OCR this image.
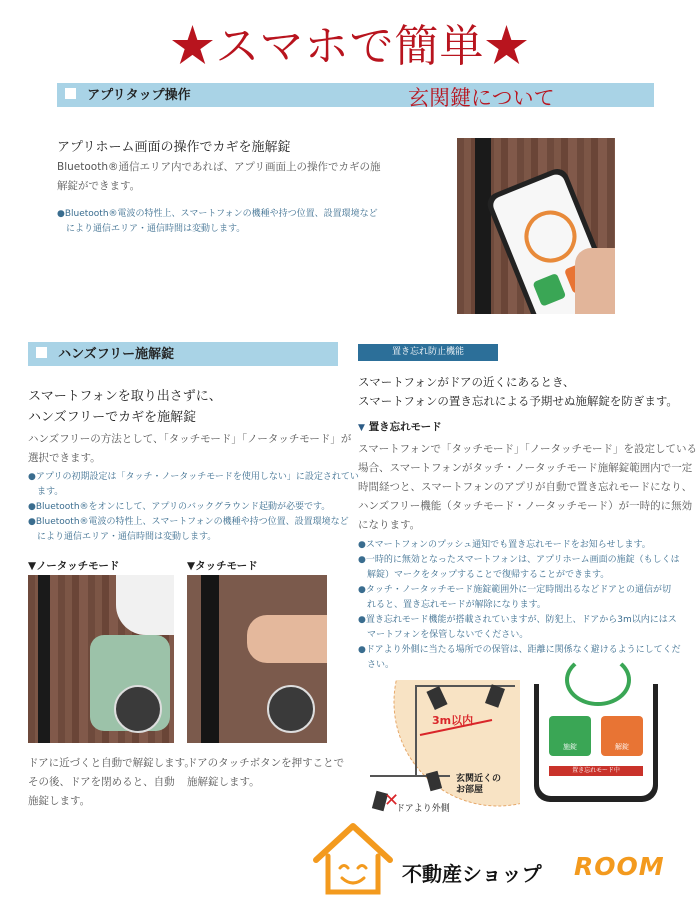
★スマホで簡単★
アプリタップ操作	玄関鍵について
アプリホーム画面の操作でカギを施解錠
Bluetooth®通信エリア内であれば、アプリ画面上の操作でカギの施
解錠ができます。
●Bluetooth®電波の特性上、スマートフォンの機種や持つ位置、設置環境など
　により通信エリア・通信時間は変動します。
ハンズフリー施解錠
スマートフォンを取り出さずに、
ハンズフリーでカギを施解錠
ハンズフリーの方法として、「タッチモード」「ノータッチモード」が
選択できます。
●アプリの初期設定は「タッチ・ノータッチモードを使用しない」に設定されてい
　ます。
●Bluetooth®をオンにして、アプリのバックグラウンド起動が必要です。
●Bluetooth®電波の特性上、スマートフォンの機種や持つ位置、設置環境など
　により通信エリア・通信時間は変動します。
▼ノータッチモード	▼タッチモード
ドアに近づくと自動で解錠します。
その後、ドアを閉めると、自動
施錠します。
ドアのタッチボタンを押すことで
施解錠します。
置き忘れ防止機能
スマートフォンがドアの近くにあるとき、
スマートフォンの置き忘れによる予期せぬ施解錠を防ぎます。
▼ 置き忘れモード
スマートフォンで「タッチモード」「ノータッチモード」を設定している
場合、スマートフォンがタッチ・ノータッチモード施解錠範囲内で一定
時間経つと、スマートフォンのアプリが自動で置き忘れモードになり、
ハンズフリー機能（タッチモード・ノータッチモード）が一時的に無効
になります。
●スマートフォンのプッシュ通知でも置き忘れモードをお知らせします。
●一時的に無効となったスマートフォンは、アプリホーム画面の施錠（もしくは
　解錠）マークをタップすることで復帰することができます。
●タッチ・ノータッチモード施錠範囲外に一定時間出るなどドアとの通信が切
　れると、置き忘れモードが解除になります。
●置き忘れモード機能が搭載されていますが、防犯上、ドアから3m以内にはス
　マートフォンを保管しないでください。
●ドアより外側に当たる場所での保管は、距離に関係なく避けるようにしてくだ
　さい。
✕
3m以内
玄関近くの
お部屋
ドアより外側
施錠	解錠
置き忘れモード中
不動産ショップ ROOM
